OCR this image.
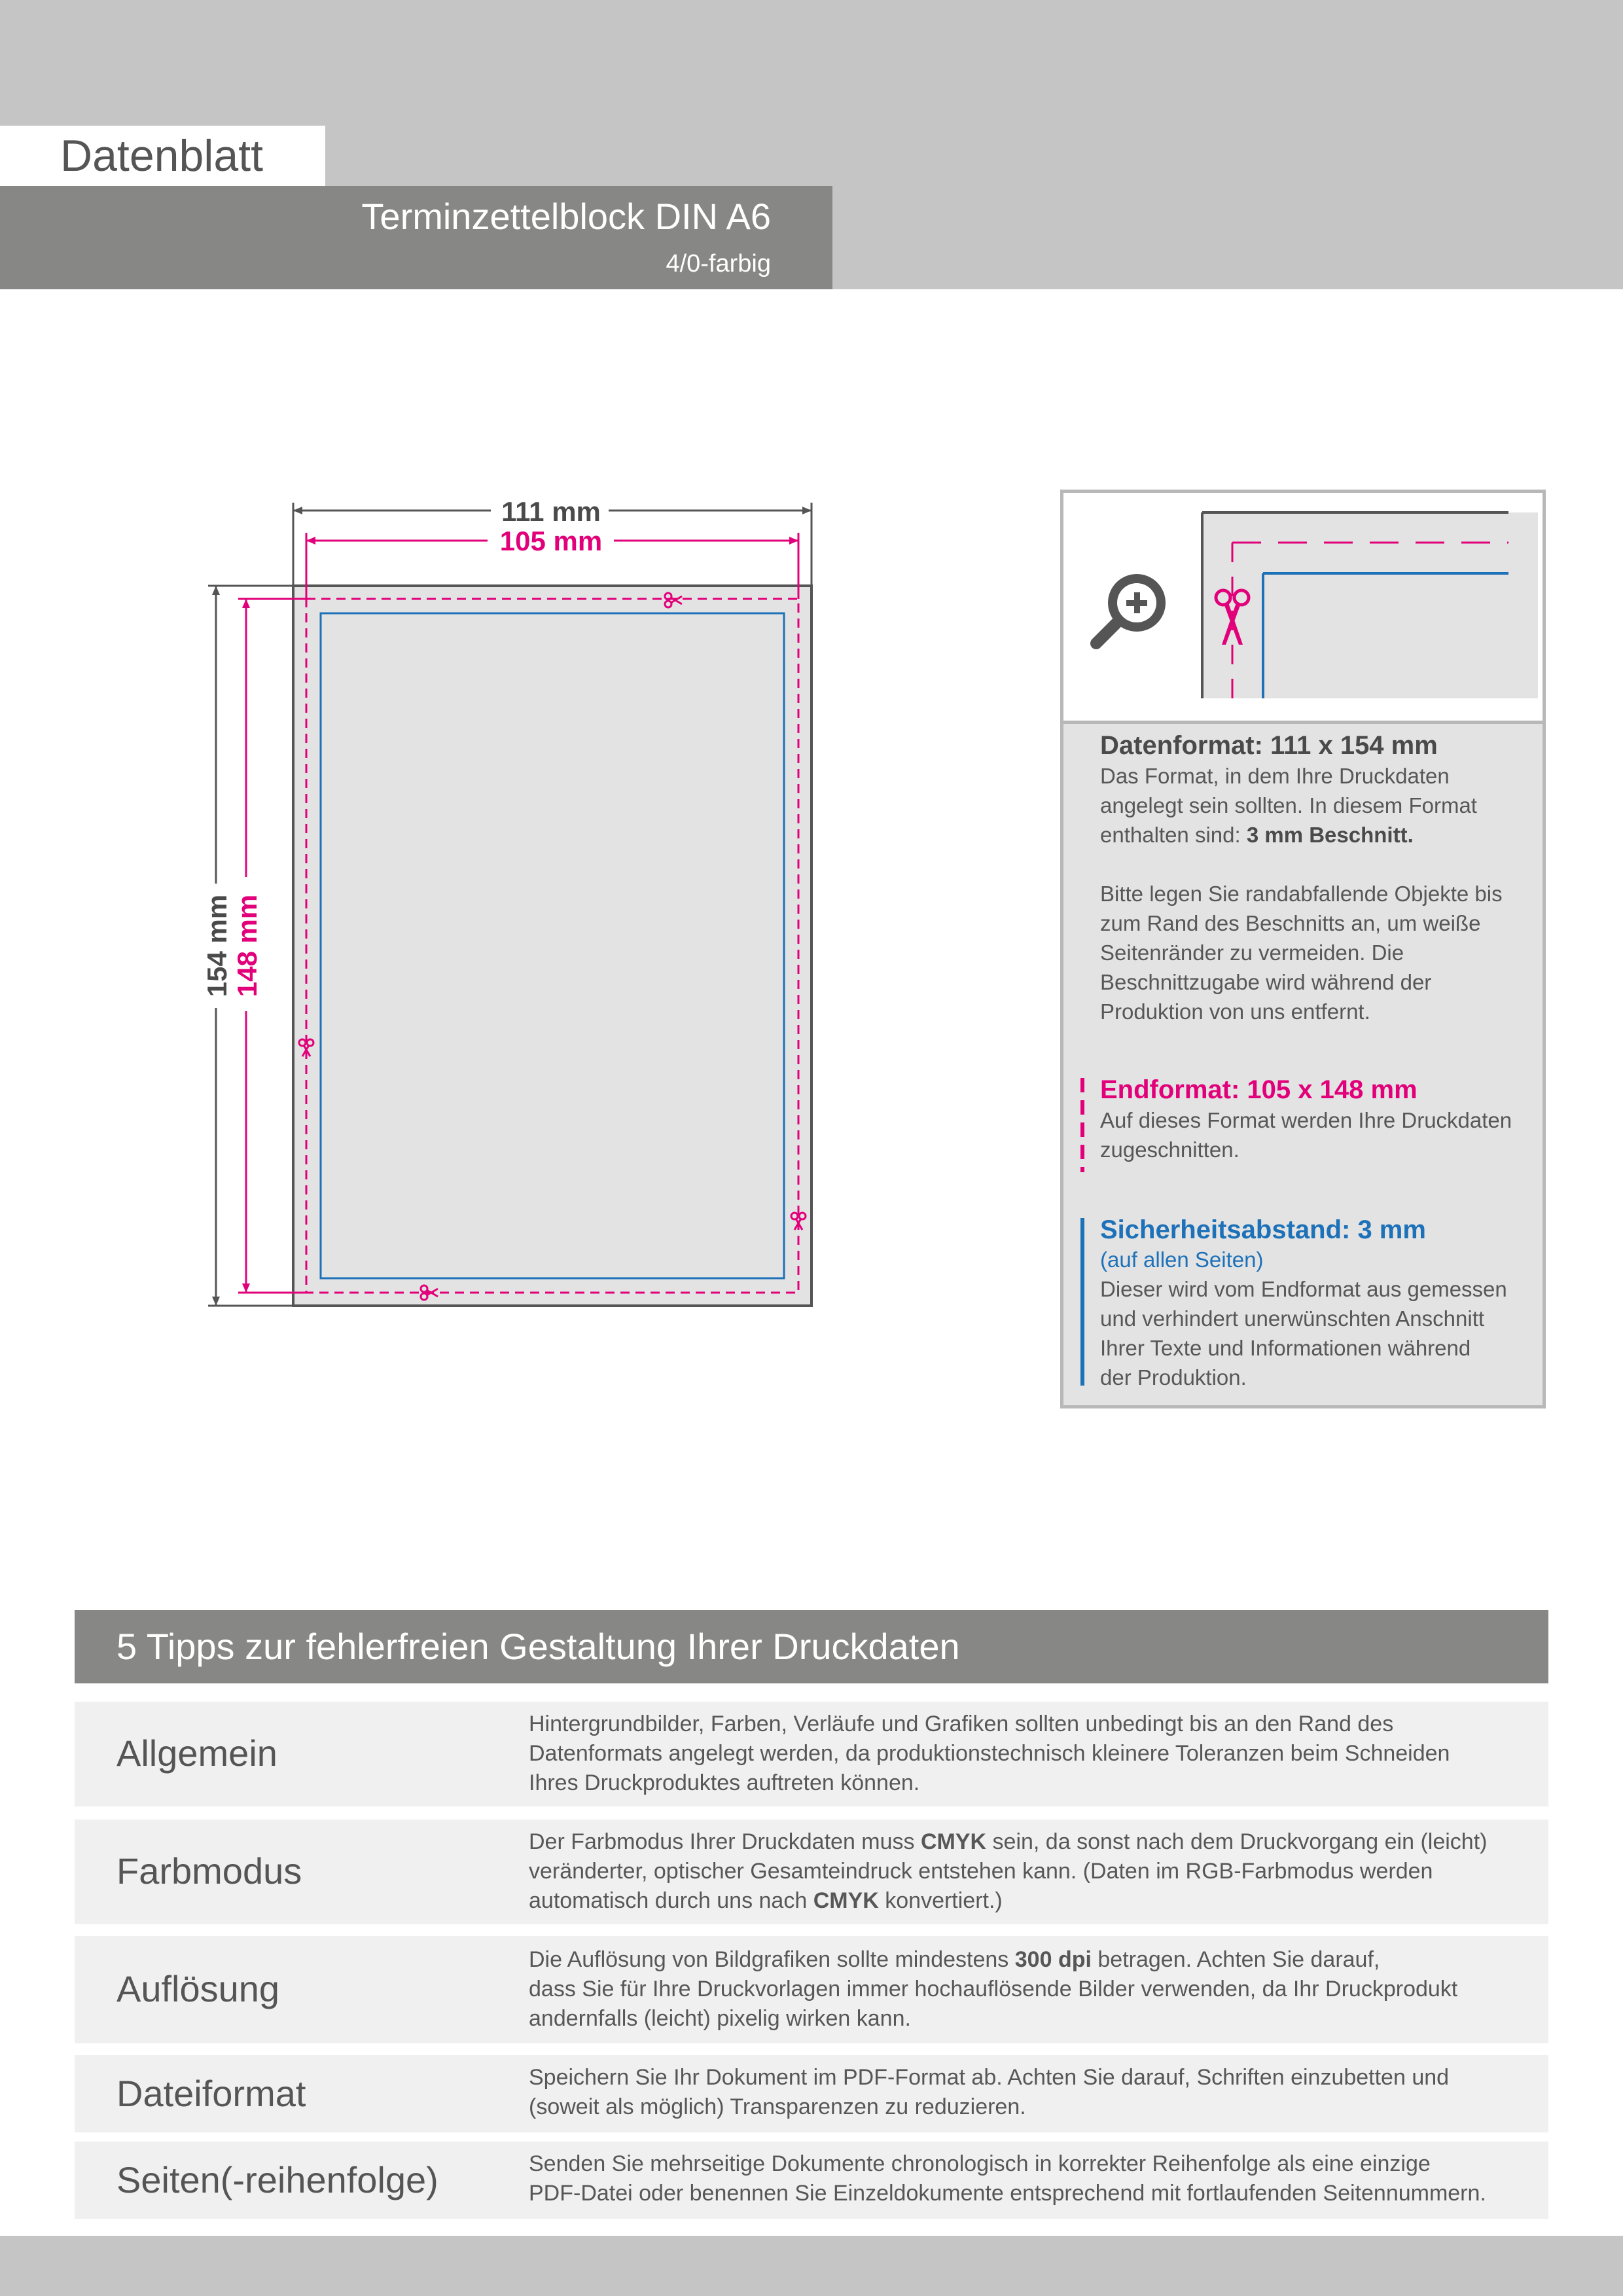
Datenblatt
Terminzettelblock DIN A6
4/0-farbig
111 mm
105 mm
154 mm 148 mm

Datenformat: 111 x 154 mm

Das Format, in dem Ihre Druckdaten
angelegt sein sollten. In diesem Format
enthalten sind: 3 mm Beschnitt.

Bitte legen Sie randabfallende Objekte bis
zum Rand des Beschnitts an, um weiße
Seitenränder zu vermeiden. Die
Beschnittzugabe wird während der
Produktion von uns entfernt.

Endformat: 105 x 148 mm

Auf dieses Format werden Ihre Druckdaten
zugeschnitten.

Sicherheitsabstand: 3 mm

(auf allen Seiten)

Dieser wird vom Endformat aus gemessen
und verhindert unerwünschten Anschnitt
Ihrer Texte und Informationen während
der Produktion.

5 Tipps zur fehlerfreien Gestaltung Ihrer Druckdaten
Allgemein
Hintergrundbilder, Farben, Verläufe und Grafiken sollten unbedingt bis an den Rand des
Datenformats angelegt werden, da produktionstechnisch kleinere Toleranzen beim Schneiden
Ihres Druckproduktes auftreten können.
Farbmodus
Der Farbmodus Ihrer Druckdaten muss CMYK sein, da sonst nach dem Druckvorgang ein (leicht)
veränderter, optischer Gesamteindruck entstehen kann. (Daten im RGB-Farbmodus werden
automatisch durch uns nach CMYK konvertiert.)
Auflösung
Die Auflösung von Bildgrafiken sollte mindestens 300 dpi betragen. Achten Sie darauf,
dass Sie für Ihre Druckvorlagen immer hochauflösende Bilder verwenden, da Ihr Druckprodukt
andernfalls (leicht) pixelig wirken kann.
Dateiformat	Speichern Sie Ihr Dokument im PDF-Format ab. Achten Sie darauf, Schriften einzubetten und
(soweit als möglich) Transparenzen zu reduzieren.
Seiten(-reihenfolge)	Senden Sie mehrseitige Dokumente chronologisch in korrekter Reihenfolge als eine einzige
PDF-Datei oder benennen Sie Einzeldokumente entsprechend mit fortlaufenden Seitennummern.
